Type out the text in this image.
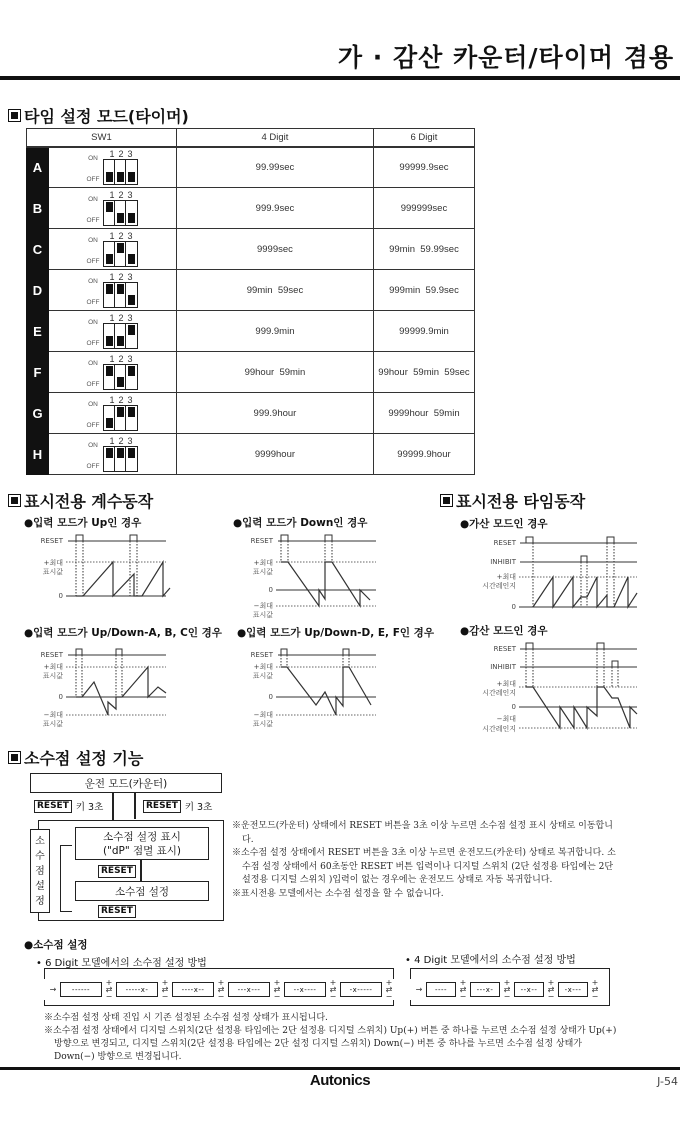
가 · 감산 카운터/타이머 겸용
타임 설정 모드(타이머)
SW1		4 Digit	6 Digit
A	ON
OFF
1 2 3	99.99sec	99999.9sec
B	ON
OFF
1 2 3	999.9sec	999999sec
C	ON
OFF
1 2 3	9999sec	99min  59.99sec
D	ON
OFF
1 2 3	99min  59sec	999min  59.9sec
E	ON
OFF
1 2 3	999.9min	99999.9min
F	ON
OFF
1 2 3	99hour  59min	99hour  59min  59sec
G	ON
OFF
1 2 3	999.9hour	9999hour  59min
H	ON
OFF
1 2 3	9999hour	99999.9hour
표시전용 계수동작
●입력 모드가 Up인 경우	●입력 모드가 Down인 경우
●입력 모드가 Up/Down-A, B, C인 경우 ●입력 모드가 Up/Down-D, E, F인 경우
RESET
+최대
표시값
0
RESET
+최대
표시값
0
−최대
표시값
RESET
+최대
표시값
0
−최대
표시값
RESET
+최대
표시값
0
−최대
표시값
표시전용 타임동작
●가산 모드인 경우
●감산 모드인 경우
RESET
INHIBIT
+최대
시간레인지
0
RESET
INHIBIT
+최대
시간레인지
0
−최대
시간레인지
소수점 설정 기능
운전 모드(카운터)
RESET 키 3초	RESET 키 3초
소
수
점
설
정
소수점 설정 표시
("dP" 점멸 표시)
RESET
소수점 설정
RESET
※운전모드(카운터) 상태에서 RESET 버튼을 3초 이상 누르면 소수점 설정 표시 상태로 이동합니다.
※소수점 설정 상태에서 RESET 버튼을 3초 이상 누르면 운전모드(카운터) 상태로 복귀합니다. 소수점 설정 상태에서 60초동안 RESET 버튼 입력이나 디지털 스위치 (2단 설정용 타입에는 2단 설정용 디지털 스위치 )입력이 없는 경우에는 운전모드 상태로 자동 복귀합니다.
※표시전용 모델에서는 소수점 설정을 할 수 없습니다.
●소수점 설정
• 6 Digit 모델에서의 소수점 설정 방법	• 4 Digit 모델에서의 소수점 설정 방법
→	------
+
⇄
−
-----x-
+
⇄
−
----x--
+
⇄
−
---x---
+
⇄
−
--x----
+
⇄
−
-x-----
+
⇄
−
→	----
+
⇄
−
---x-
+
⇄
−
--x--
+
⇄
−
-x---
+
⇄
−
※소수점 설정 상태 진입 시 기존 설정된 소수점 설정 상태가 표시됩니다.
※소수점 설정 상태에서 디지털 스위치(2단 설정용 타입에는 2단 설정용 디지털 스위치) Up(+) 버튼 중 하나를 누르면 소수점 설정 상태가 Up(+) 방향으로 변경되고, 디지털 스위치(2단 설정용 타입에는 2단 설정 디지털 스위치) Down(−) 버튼 중 하나를 누르면 소수점 설정 상태가 Down(−) 방향으로 변경됩니다.
Autonics	J-54
